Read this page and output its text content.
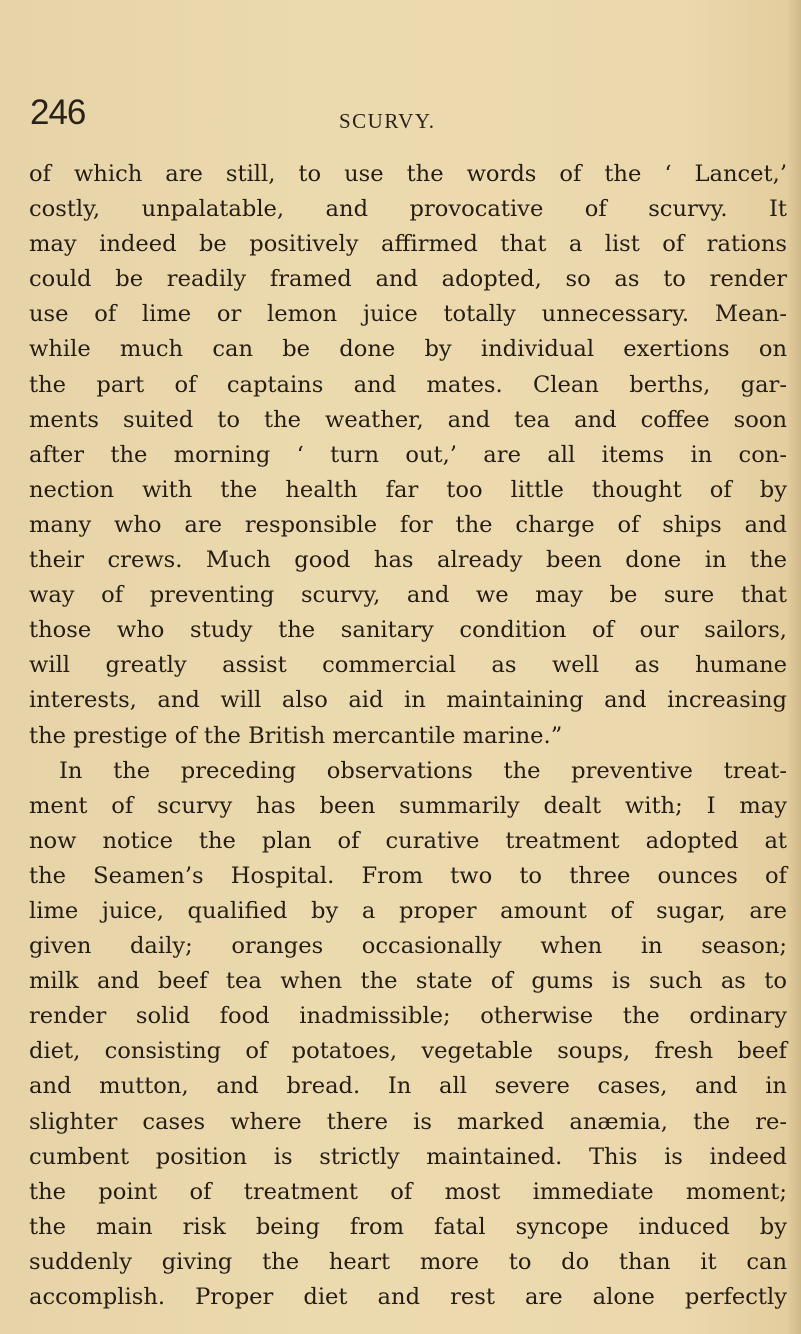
246	SCURVY.
of which are still, to use the words of the ‘ Lancet,’
costly, unpalatable, and provocative of scurvy. It
may indeed be positively affirmed that a list of rations
could be readily framed and adopted, so as to render
use of lime or lemon juice totally unnecessary. Mean-
while much can be done by individual exertions on
the part of captains and mates. Clean berths, gar-
ments suited to the weather, and tea and coffee soon
after the morning ‘ turn out,’ are all items in con-
nection with the health far too little thought of by
many who are responsible for the charge of ships and
their crews. Much good has already been done in the
way of preventing scurvy, and we may be sure that
those who study the sanitary condition of our sailors,
will greatly assist commercial as well as humane
interests, and will also aid in maintaining and increasing
the prestige of the British mercantile marine.”
In the preceding observations the preventive treat-
ment of scurvy has been summarily dealt with; I may
now notice the plan of curative treatment adopted at
the Seamen’s Hospital. From two to three ounces of
lime juice, qualified by a proper amount of sugar, are
given daily; oranges occasionally when in season;
milk and beef tea when the state of gums is such as to
render solid food inadmissible; otherwise the ordinary
diet, consisting of potatoes, vegetable soups, fresh beef
and mutton, and bread. In all severe cases, and in
slighter cases where there is marked anæmia, the re-
cumbent position is strictly maintained. This is indeed
the point of treatment of most immediate moment;
the main risk being from fatal syncope induced by
suddenly giving the heart more to do than it can
accomplish. Proper diet and rest are alone perfectly
